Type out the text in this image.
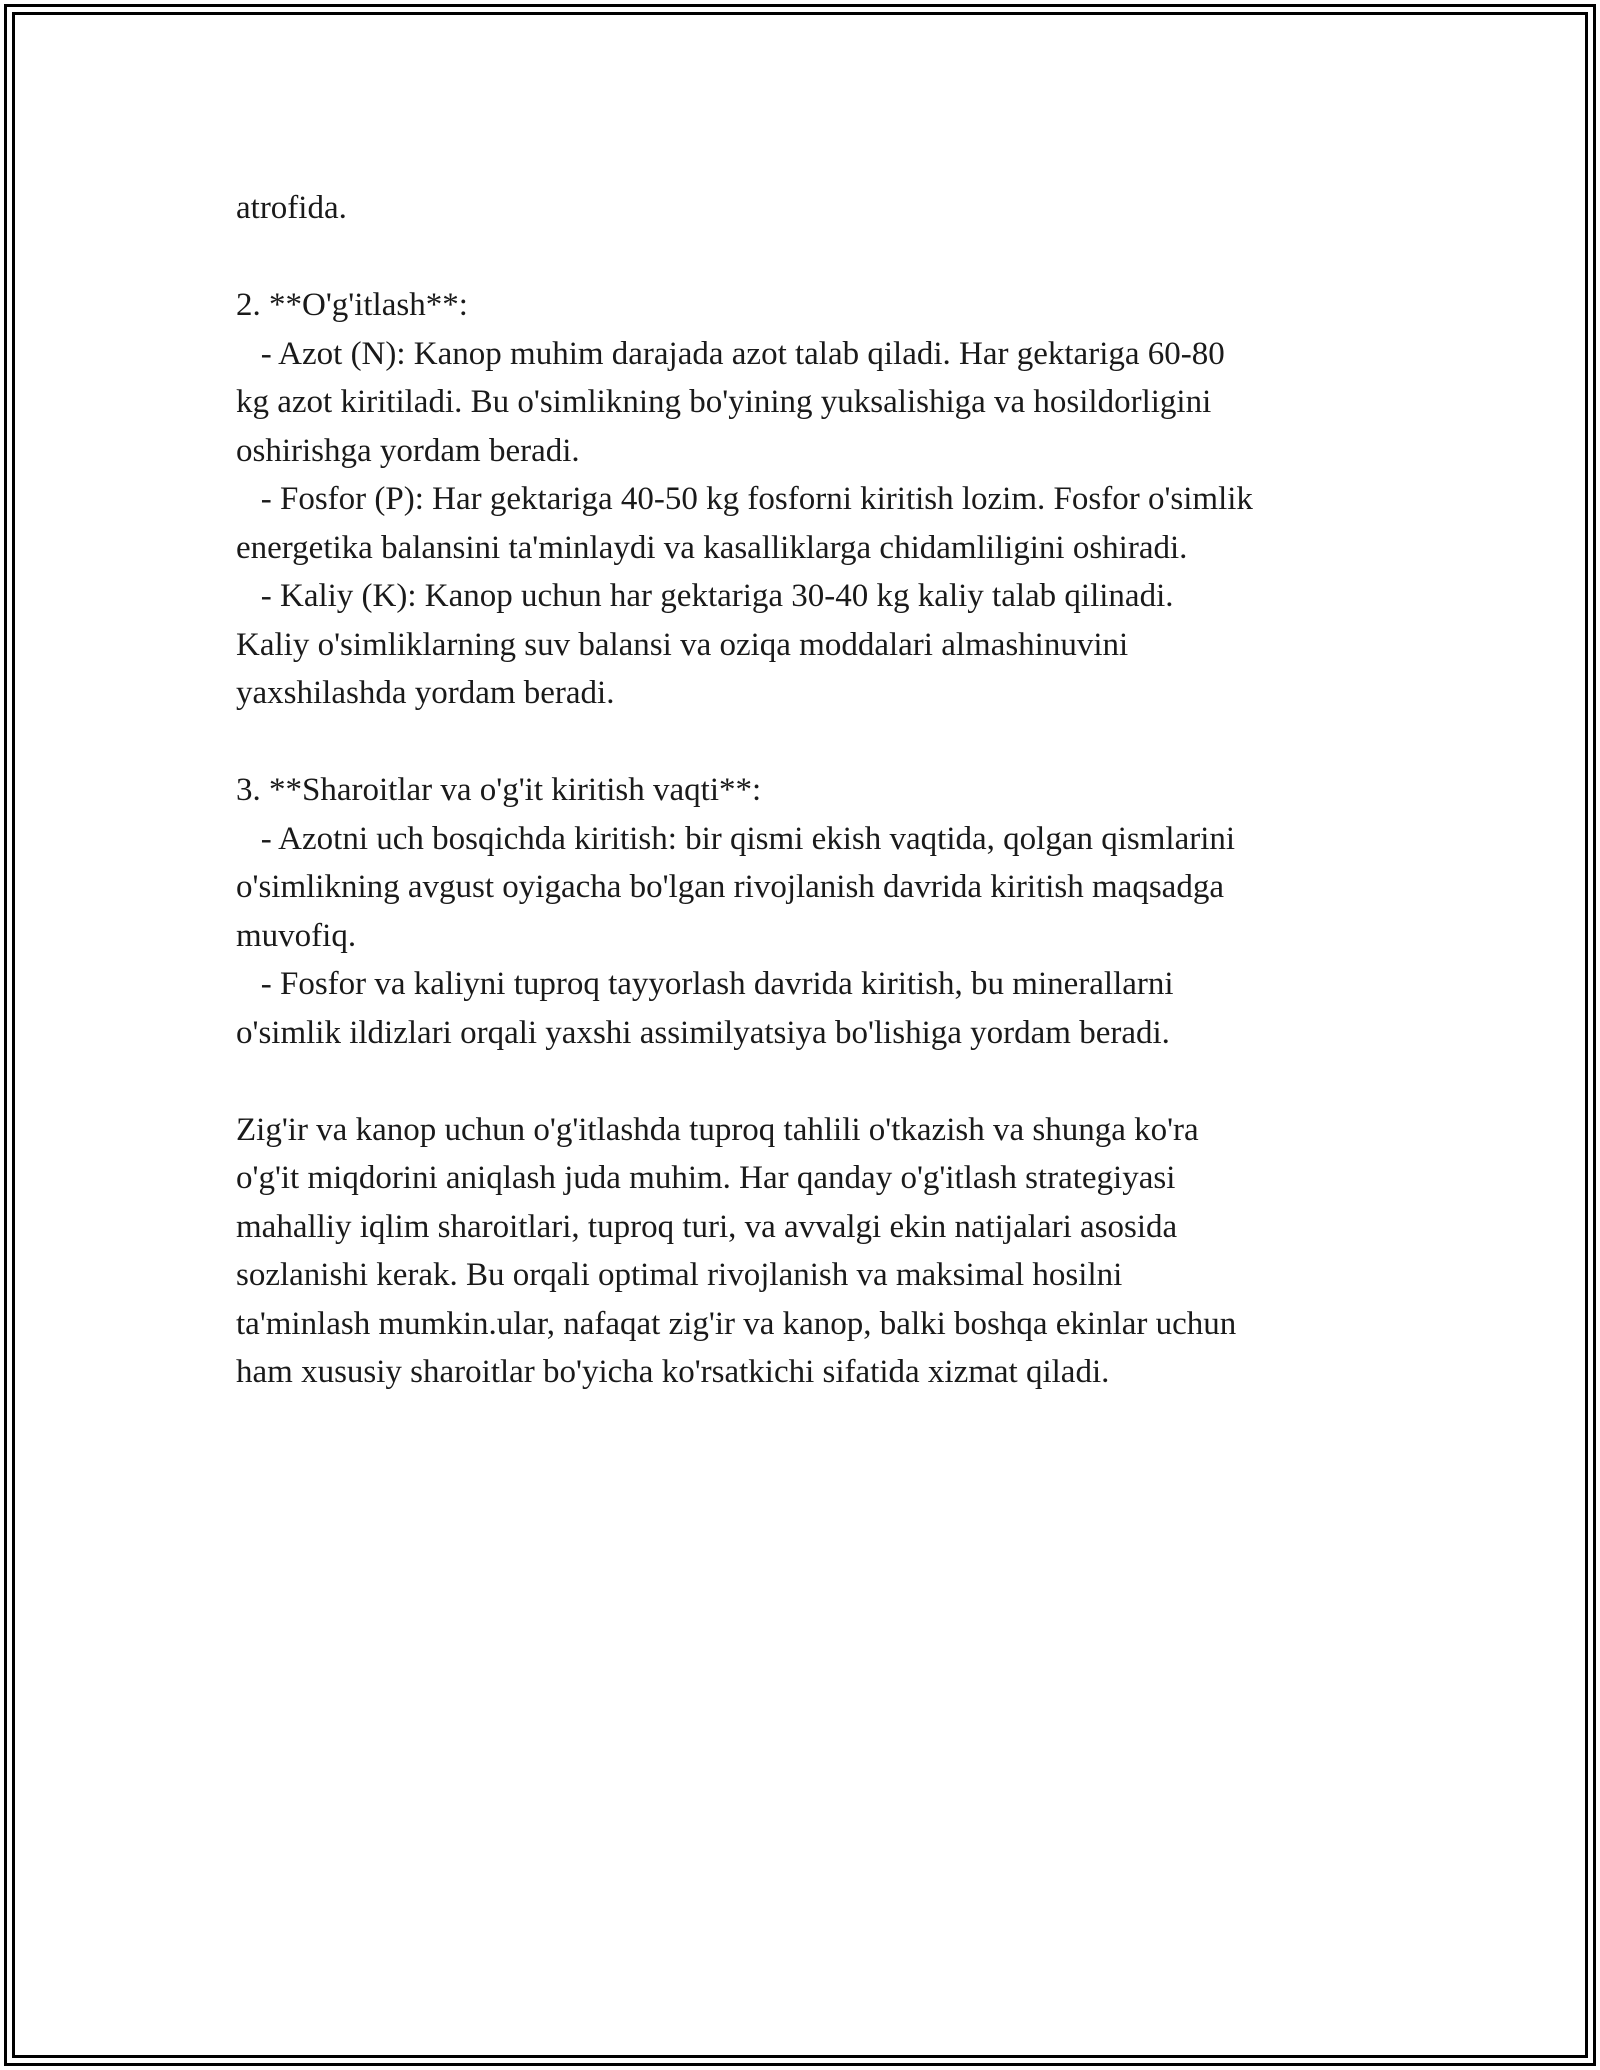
atrofida.
2. **O'g'itlash**:
- Azot (N): Kanop muhim darajada azot talab qiladi. Har gektariga 60-80
kg azot kiritiladi. Bu o'simlikning bo'yining yuksalishiga va hosildorligini
oshirishga yordam beradi.
- Fosfor (P): Har gektariga 40-50 kg fosforni kiritish lozim. Fosfor o'simlik
energetika balansini ta'minlaydi va kasalliklarga chidamliligini oshiradi.
- Kaliy (K): Kanop uchun har gektariga 30-40 kg kaliy talab qilinadi.
Kaliy o'simliklarning suv balansi va oziqa moddalari almashinuvini
yaxshilashda yordam beradi.
3. **Sharoitlar va o'g'it kiritish vaqti**:
- Azotni uch bosqichda kiritish: bir qismi ekish vaqtida, qolgan qismlarini
o'simlikning avgust oyigacha bo'lgan rivojlanish davrida kiritish maqsadga
muvofiq.
- Fosfor va kaliyni tuproq tayyorlash davrida kiritish, bu minerallarni
o'simlik ildizlari orqali yaxshi assimilyatsiya bo'lishiga yordam beradi.
Zig'ir va kanop uchun o'g'itlashda tuproq tahlili o'tkazish va shunga ko'ra
o'g'it miqdorini aniqlash juda muhim. Har qanday o'g'itlash strategiyasi
mahalliy iqlim sharoitlari, tuproq turi, va avvalgi ekin natijalari asosida
sozlanishi kerak. Bu orqali optimal rivojlanish va maksimal hosilni
ta'minlash mumkin.ular, nafaqat zig'ir va kanop, balki boshqa ekinlar uchun
ham xususiy sharoitlar bo'yicha ko'rsatkichi sifatida xizmat qiladi.
